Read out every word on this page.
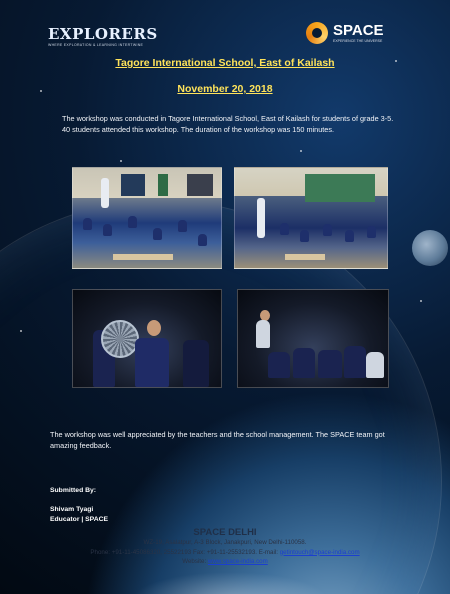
EXPLORERS
WHERE EXPLORATION & LEARNING INTERTWINE
SPACE
EXPERIENCE THE UNIVERSE
Tagore International School, East of Kailash
November 20, 2018
The workshop was conducted in Tagore International School, East of Kailash for students of grade 3-5. 40 students attended this workshop. The duration of the workshop was 150 minutes.
The workshop was well appreciated by the teachers and the school management. The SPACE team got amazing feedback.
Submitted By:
Shivam Tyagi
Educator | SPACE
SPACE DELHI
WZ-19, Asalatpur, A-3 Block, Janakpuri, New Delhi-110058.
Phone: +91-11-45086320, 25522193 Fax: +91-11-25532193. E-mail: getintouch@space-india.com
Website: www.space-india.com
